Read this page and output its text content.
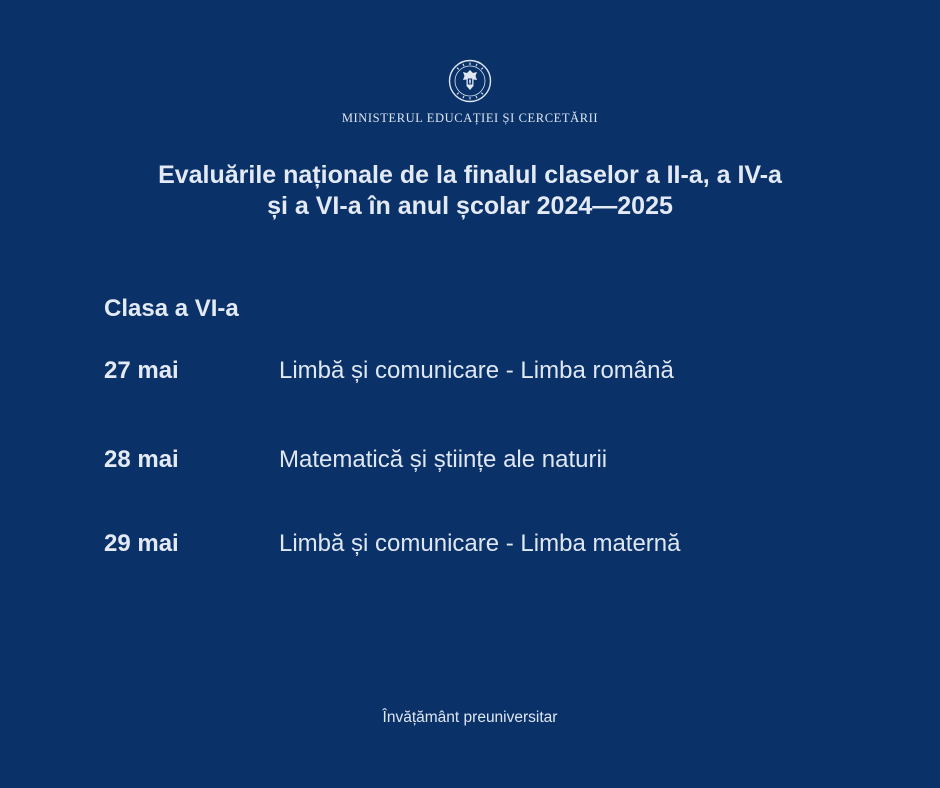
MINISTERUL EDUCAȚIEI ȘI CERCETĂRII
Evaluările naționale de la finalul claselor a II-a, a IV-a
și a VI-a în anul școlar 2024—2025
Clasa a VI-a
27 mai	Limbă și comunicare - Limba română
28 mai	Matematică și științe ale naturii
29 mai	Limbă și comunicare - Limba maternă
Învățământ preuniversitar
